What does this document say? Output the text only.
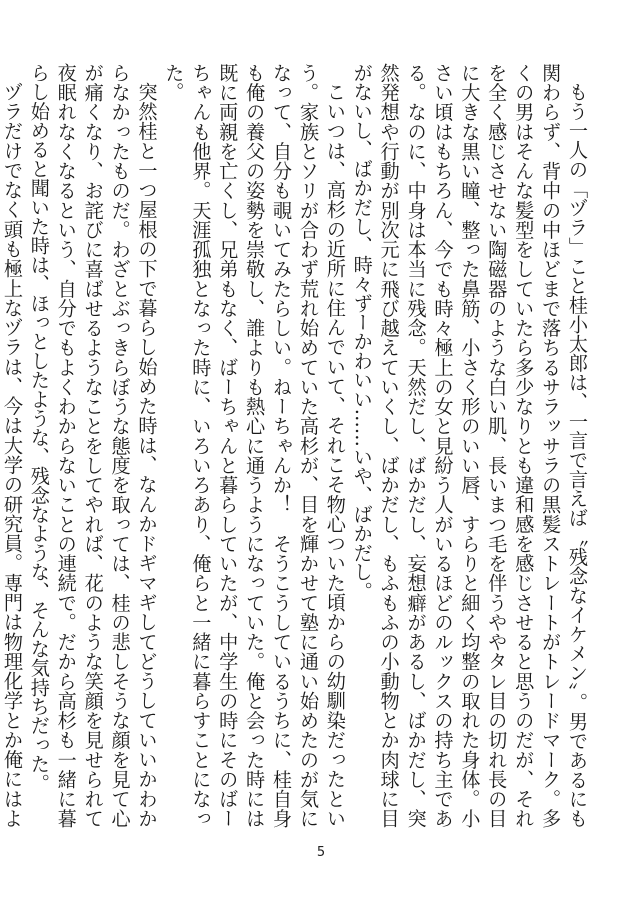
もう一人の「ヅラ」こと桂小太郎は、一言で言えば〝残念なイケメン〟。男であるにも関わらず、背中の中ほどまで落ちるサラッサラの黒髪ストレートがトレードマーク。多くの男はそんな髪型をしていたら多少なりとも違和感を感じさせると思うのだが、それを全く感じさせない陶磁器のような白い肌、長いまつ毛を伴うややタレ目の切れ長の目に大きな黒い瞳、整った鼻筋、小さく形のいい唇、すらりと細く均整の取れた身体。小さい頃はもちろん、今でも時々極上の女と見紛う人がいるほどのルックスの持ち主である。なのに、中身は本当に残念。天然だし、ばかだし、妄想癖があるし、ばかだし、突然発想や行動が別次元に飛び越えていくし、ばかだし、もふもふの小動物とか肉球に目がないし、ばかだし、時々ずーかわいい……いや、ばかだし。

こいつは、高杉の近所に住んでいて、それこそ物心ついた頃からの幼馴染だったという。家族とソリが合わず荒れ始めていた高杉が、目を輝かせて塾に通い始めたのが気になって、自分も覗いてみたらしい。ねーちゃんか！　そうこうしているうちに、桂自身も俺の養父の姿勢を崇敬し、誰よりも熱心に通うようになっていた。俺と会った時には既に両親を亡くし、兄弟もなく、ばーちゃんと暮らしていたが、中学生の時にそのばーちゃんも他界。天涯孤独となった時に、いろいろあり、俺らと一緒に暮らすことになった。

突然桂と一つ屋根の下で暮らし始めた時は、なんかドギマギしてどうしていいかわからなかったものだ。わざとぶっきらぼうな態度を取っては、桂の悲しそうな顔を見て心が痛くなり、お詫びに喜ばせるようなことをしてやれば、花のような笑顔を見せられて夜眠れなくなるという、自分でもよくわからないことの連続で。だから高杉も一緒に暮らし始めると聞いた時は、ほっとしたような、残念なような、そんな気持ちだった。

ヅラだけでなく頭も極上なヅラは、今は大学の研究員。専門は物理化学とか俺にはよ

5
